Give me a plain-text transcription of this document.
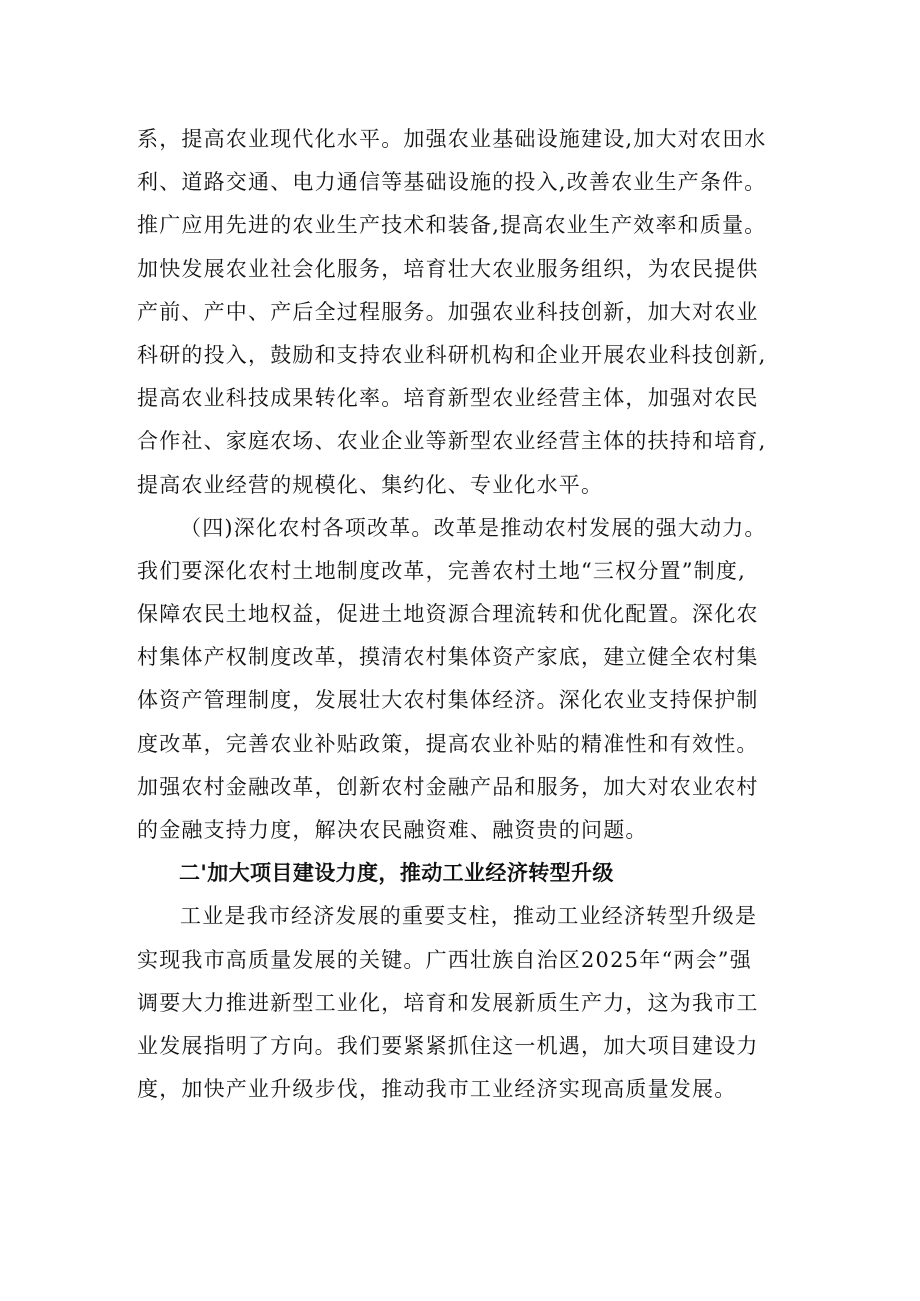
系，提高农业现代化水平。加强农业基础设施建设,加大对农田水
利、道路交通、电力通信等基础设施的投入,改善农业生产条件。
推广应用先进的农业生产技术和装备,提高农业生产效率和质量。
加快发展农业社会化服务，培育壮大农业服务组织，为农民提供
产前、产中、产后全过程服务。加强农业科技创新，加大对农业
科研的投入，鼓励和支持农业科研机构和企业开展农业科技创新,
提高农业科技成果转化率。培育新型农业经营主体，加强对农民
合作社、家庭农场、农业企业等新型农业经营主体的扶持和培育,
提高农业经营的规模化、集约化、专业化水平。
（四)深化农村各项改革。改革是推动农村发展的强大动力。
我们要深化农村土地制度改革，完善农村土地“三权分置”制度,
保障农民土地权益，促进土地资源合理流转和优化配置。深化农
村集体产权制度改革，摸清农村集体资产家底，建立健全农村集
体资产管理制度，发展壮大农村集体经济。深化农业支持保护制
度改革，完善农业补贴政策，提高农业补贴的精准性和有效性。
加强农村金融改革，创新农村金融产品和服务，加大对农业农村
的金融支持力度，解决农民融资难、融资贵的问题。
二'加大项目建设力度，推动工业经济转型升级
工业是我市经济发展的重要支柱，推动工业经济转型升级是
实现我市高质量发展的关键。广西壮族自治区2025年“两会”强
调要大力推进新型工业化，培育和发展新质生产力，这为我市工
业发展指明了方向。我们要紧紧抓住这一机遇，加大项目建设力
度，加快产业升级步伐，推动我市工业经济实现高质量发展。
